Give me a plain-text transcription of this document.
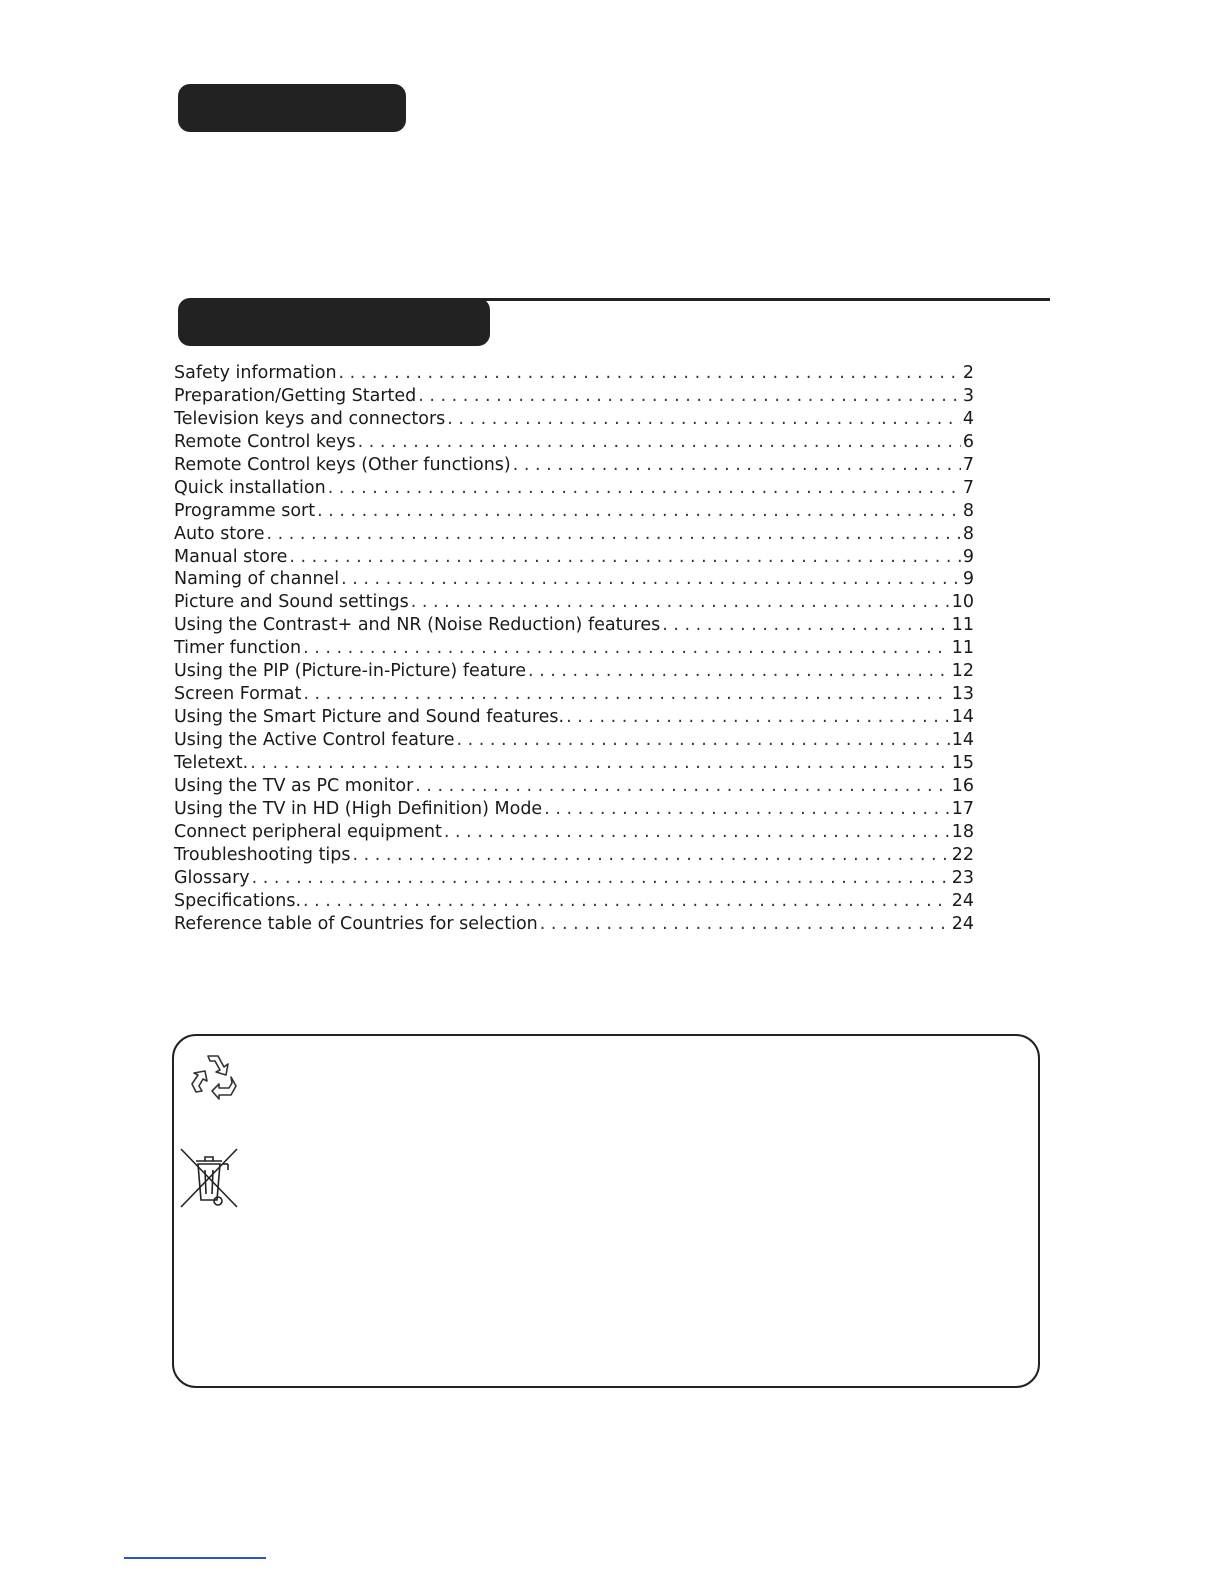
Safety information . . .	2
Preparation/Getting Started . . .	3
Television keys and connectors . . .	4
Remote Control keys . . .	6
Remote Control keys (Other functions) . . .	7
Quick installation . . .	7
Programme sort . . .	8
Auto store . . .	8
Manual store . . .	9
Naming of channel . . .	9
Picture and Sound settings . . .	10
Using the Contrast+ and NR (Noise Reduction) features . . .	11
Timer function . . .	11
Using the PIP (Picture-in-Picture) feature . . .	12
Screen Format . . .	13
Using the Smart Picture and Sound features. . . .	14
Using the Active Control feature . . .	14
Teletext. . . .	15
Using the TV as PC monitor . . .	16
Using the TV in HD (High Definition) Mode . . .	17
Connect peripheral equipment . . .	18
Troubleshooting tips . . .	22
Glossary . . .	23
Specifications. . . .	24
Reference table of Countries for selection . . .	24
